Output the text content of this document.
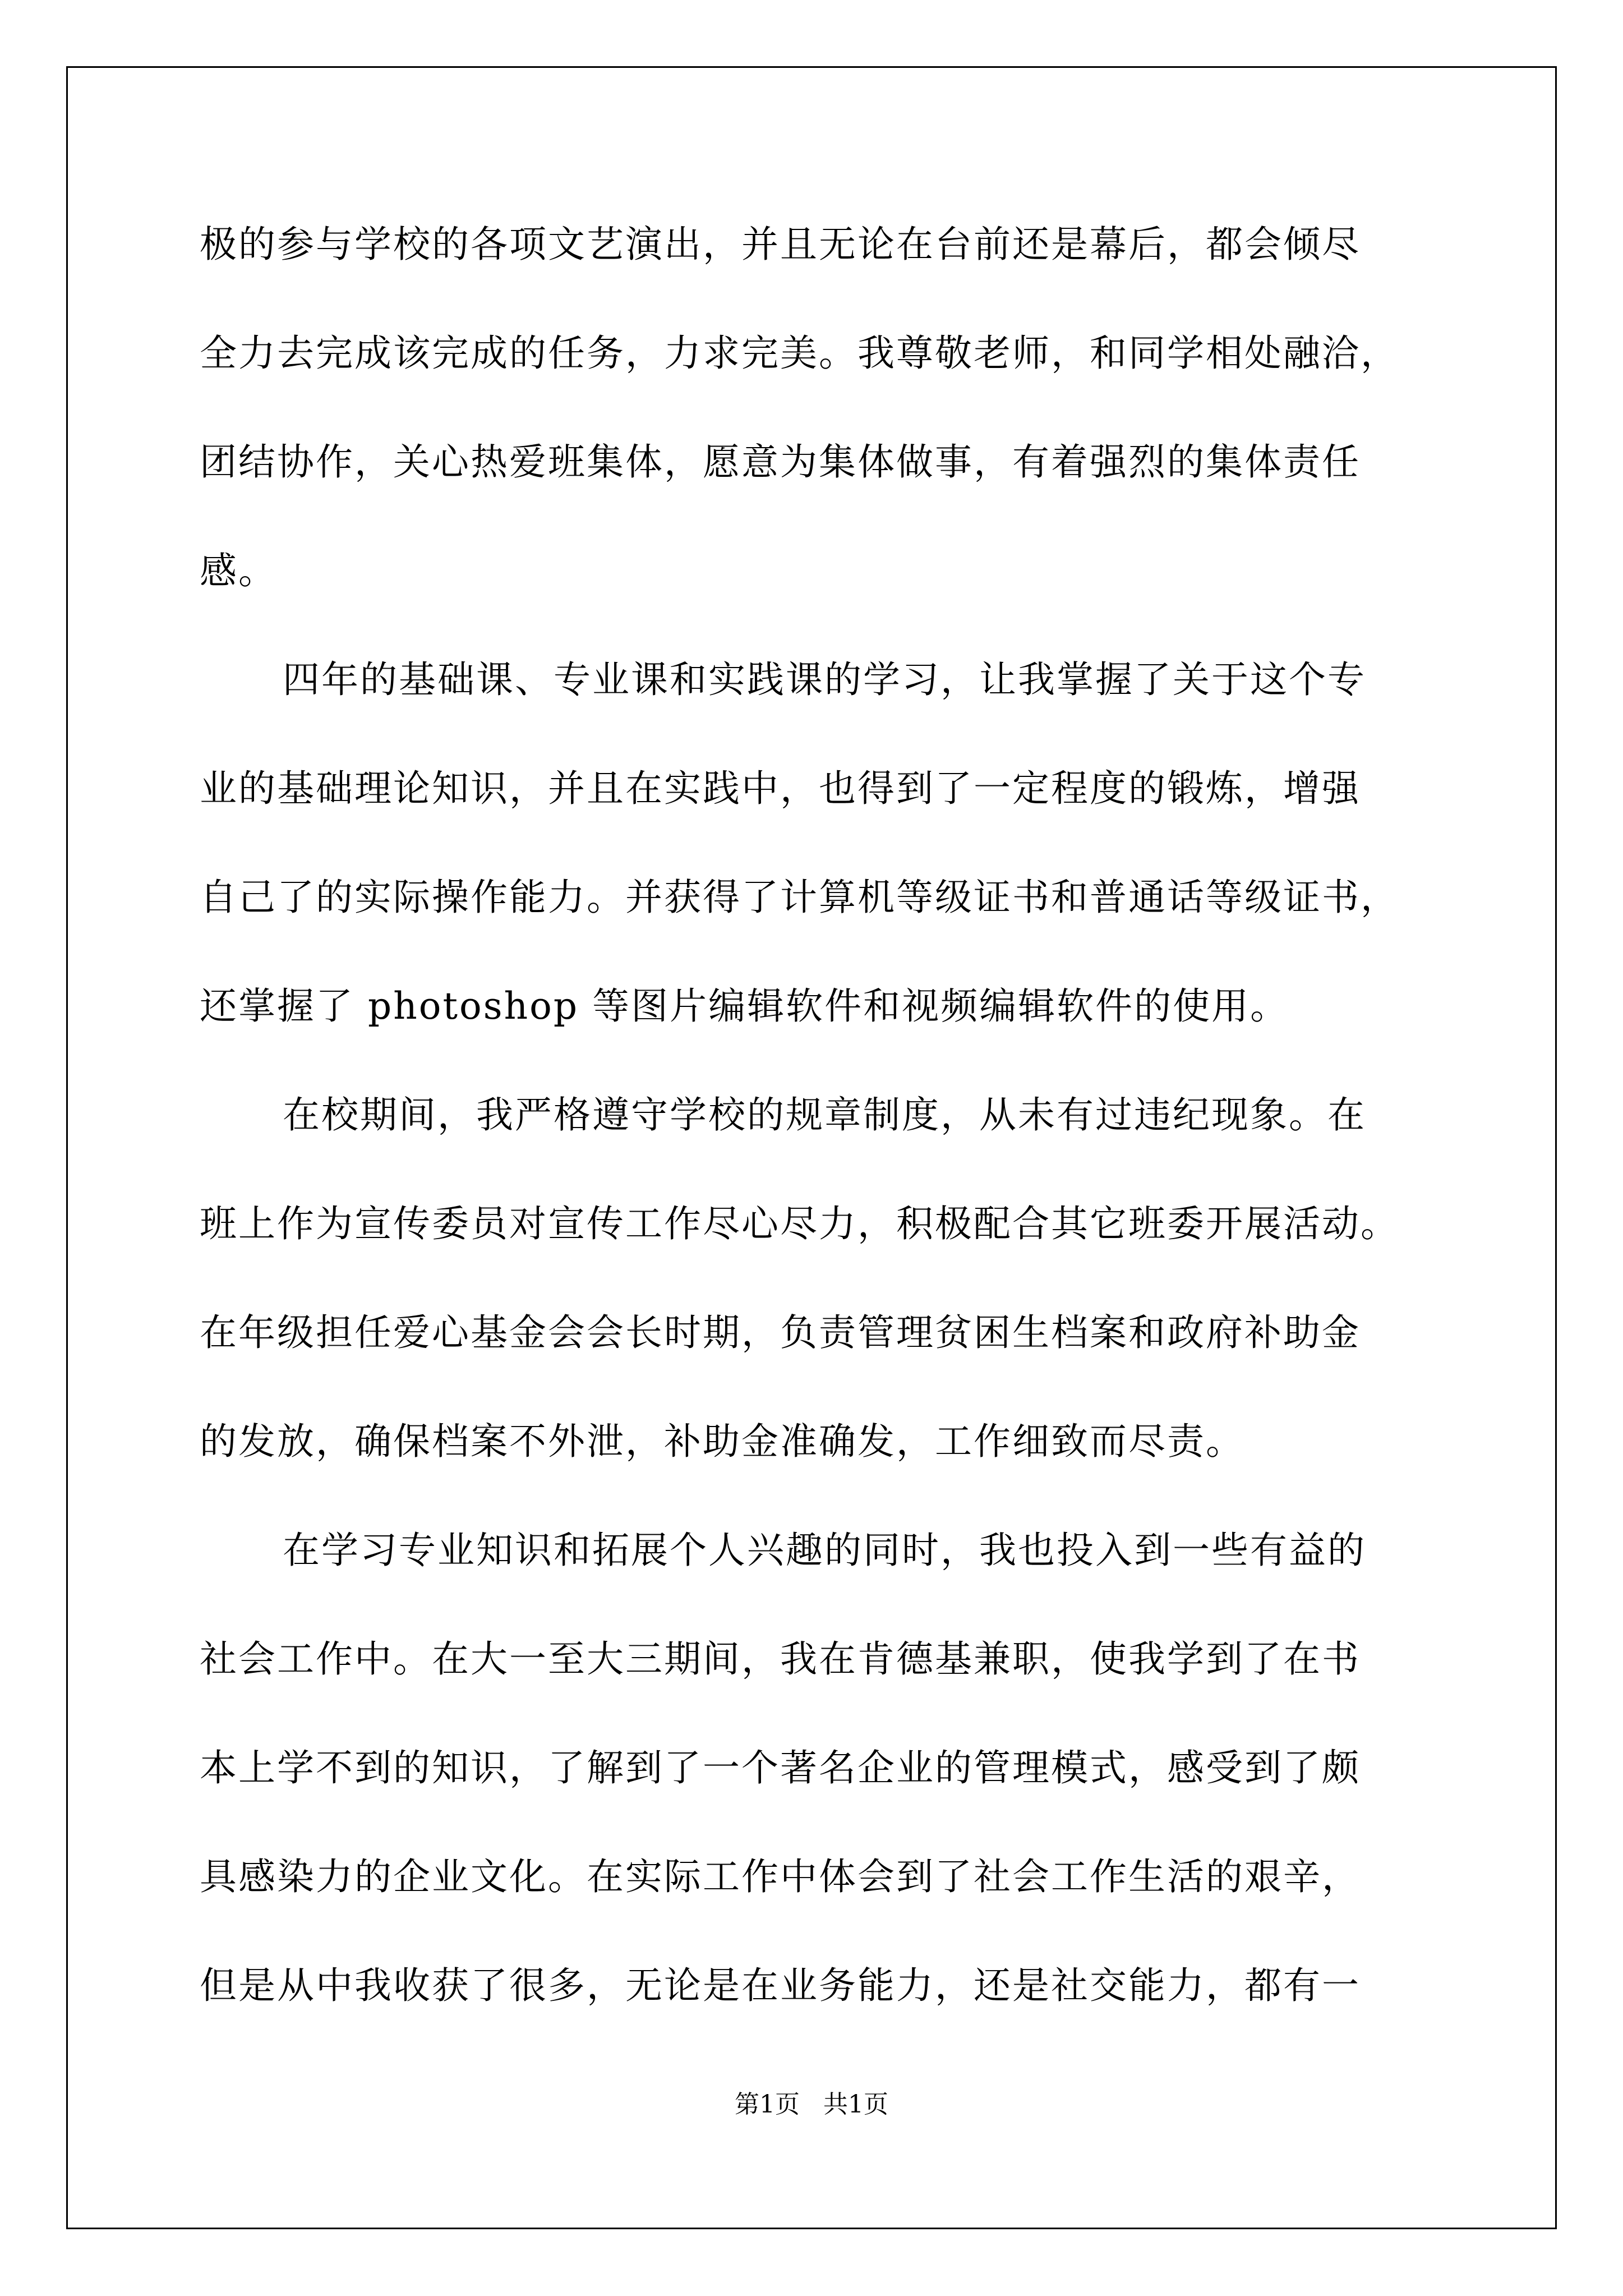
极的参与学校的各项文艺演出，并且无论在台前还是幕后，都会倾尽
全力去完成该完成的任务，力求完美。我尊敬老师，和同学相处融洽，
团结协作，关心热爱班集体，愿意为集体做事，有着强烈的集体责任
感。
四年的基础课、专业课和实践课的学习，让我掌握了关于这个专
业的基础理论知识，并且在实践中，也得到了一定程度的锻炼，增强
自己了的实际操作能力。并获得了计算机等级证书和普通话等级证书，
还掌握了 photoshop 等图片编辑软件和视频编辑软件的使用。
在校期间，我严格遵守学校的规章制度，从未有过违纪现象。在
班上作为宣传委员对宣传工作尽心尽力，积极配合其它班委开展活动。
在年级担任爱心基金会会长时期，负责管理贫困生档案和政府补助金
的发放，确保档案不外泄，补助金准确发，工作细致而尽责。
在学习专业知识和拓展个人兴趣的同时，我也投入到一些有益的
社会工作中。在大一至大三期间，我在肯德基兼职，使我学到了在书
本上学不到的知识，了解到了一个著名企业的管理模式，感受到了颇
具感染力的企业文化。在实际工作中体会到了社会工作生活的艰辛，
但是从中我收获了很多，无论是在业务能力，还是社交能力，都有一
第1页   共1页
